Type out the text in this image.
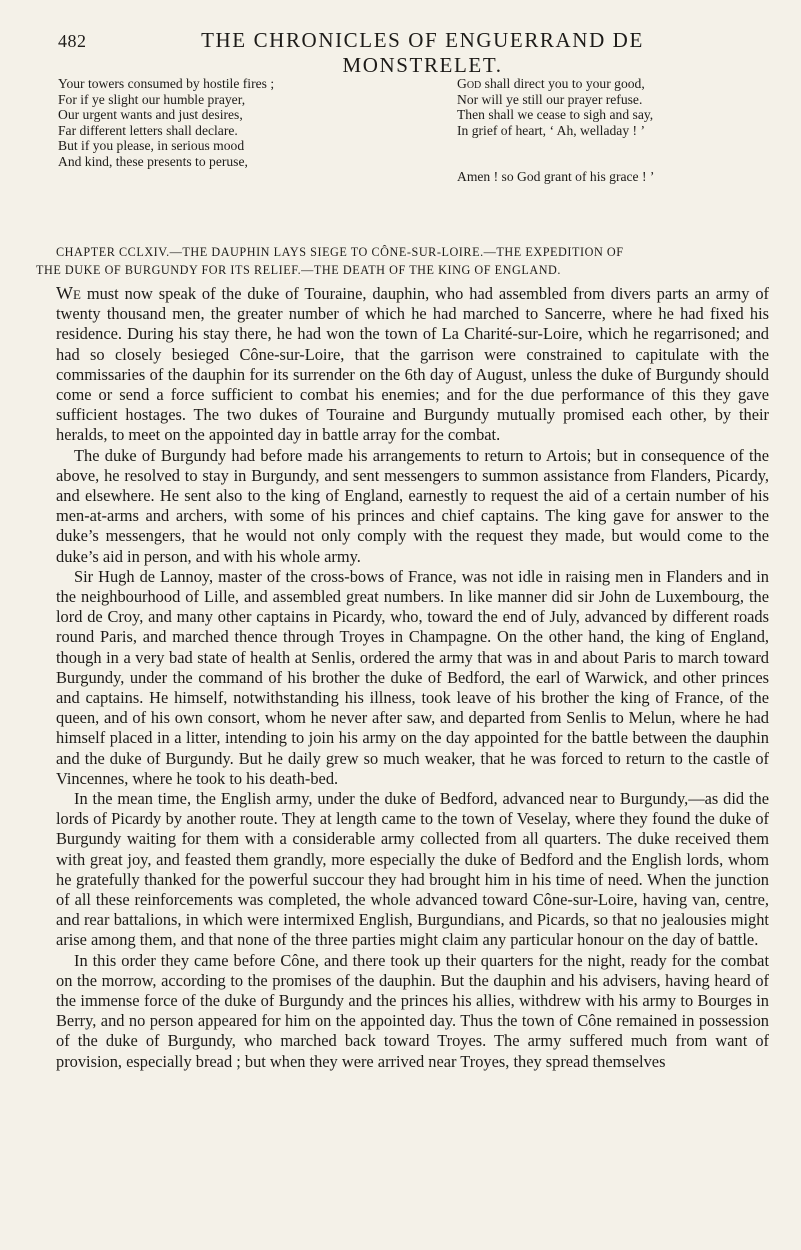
482	THE CHRONICLES OF ENGUERRAND DE MONSTRELET.
Your towers consumed by hostile fires ;
For if ye slight our humble prayer,
Our urgent wants and just desires,
Far different letters shall declare.
But if you please, in serious mood
And kind, these presents to peruse,
God shall direct you to your good,
Nor will ye still our prayer refuse.
Then shall we cease to sigh and say,
In grief of heart, ‘ Ah, welladay ! ’
Amen ! so God grant of his grace ! ’
CHAPTER CCLXIV.—THE DAUPHIN LAYS SIEGE TO CÔNE-SUR-LOIRE.—THE EXPEDITION OF
THE DUKE OF BURGUNDY FOR ITS RELIEF.—THE DEATH OF THE KING OF ENGLAND.

We must now speak of the duke of Touraine, dauphin, who had assembled from divers parts an army of twenty thousand men, the greater number of which he had marched to Sancerre, where he had fixed his residence. During his stay there, he had won the town of La Charité-sur-Loire, which he regarrisoned; and had so closely besieged Cône-sur-Loire, that the garrison were constrained to capitulate with the commissaries of the dauphin for its surrender on the 6th day of August, unless the duke of Burgundy should come or send a force sufficient to combat his enemies; and for the due performance of this they gave sufficient hostages. The two dukes of Touraine and Burgundy mutually promised each other, by their heralds, to meet on the appointed day in battle array for the combat.

The duke of Burgundy had before made his arrangements to return to Artois; but in consequence of the above, he resolved to stay in Burgundy, and sent messengers to summon assistance from Flanders, Picardy, and elsewhere. He sent also to the king of England, earnestly to request the aid of a certain number of his men-at-arms and archers, with some of his princes and chief captains. The king gave for answer to the duke’s messengers, that he would not only comply with the request they made, but would come to the duke’s aid in person, and with his whole army.

Sir Hugh de Lannoy, master of the cross-bows of France, was not idle in raising men in Flanders and in the neighbourhood of Lille, and assembled great numbers. In like manner did sir John de Luxembourg, the lord de Croy, and many other captains in Picardy, who, toward the end of July, advanced by different roads round Paris, and marched thence through Troyes in Champagne. On the other hand, the king of England, though in a very bad state of health at Senlis, ordered the army that was in and about Paris to march toward Burgundy, under the command of his brother the duke of Bedford, the earl of Warwick, and other princes and captains. He himself, notwithstanding his illness, took leave of his brother the king of France, of the queen, and of his own consort, whom he never after saw, and departed from Senlis to Melun, where he had himself placed in a litter, intending to join his army on the day appointed for the battle between the dauphin and the duke of Burgundy. But he daily grew so much weaker, that he was forced to return to the castle of Vincennes, where he took to his death-bed.

In the mean time, the English army, under the duke of Bedford, advanced near to Burgundy,—as did the lords of Picardy by another route. They at length came to the town of Veselay, where they found the duke of Burgundy waiting for them with a considerable army collected from all quarters. The duke received them with great joy, and feasted them grandly, more especially the duke of Bedford and the English lords, whom he gratefully thanked for the powerful succour they had brought him in his time of need. When the junction of all these reinforcements was completed, the whole advanced toward Cône-sur-Loire, having van, centre, and rear battalions, in which were intermixed English, Burgundians, and Picards, so that no jealousies might arise among them, and that none of the three parties might claim any particular honour on the day of battle.

In this order they came before Cône, and there took up their quarters for the night, ready for the combat on the morrow, according to the promises of the dauphin. But the dauphin and his advisers, having heard of the immense force of the duke of Burgundy and the princes his allies, withdrew with his army to Bourges in Berry, and no person appeared for him on the appointed day. Thus the town of Cône remained in possession of the duke of Burgundy, who marched back toward Troyes. The army suffered much from want of provision, especially bread ; but when they were arrived near Troyes, they spread themselves
